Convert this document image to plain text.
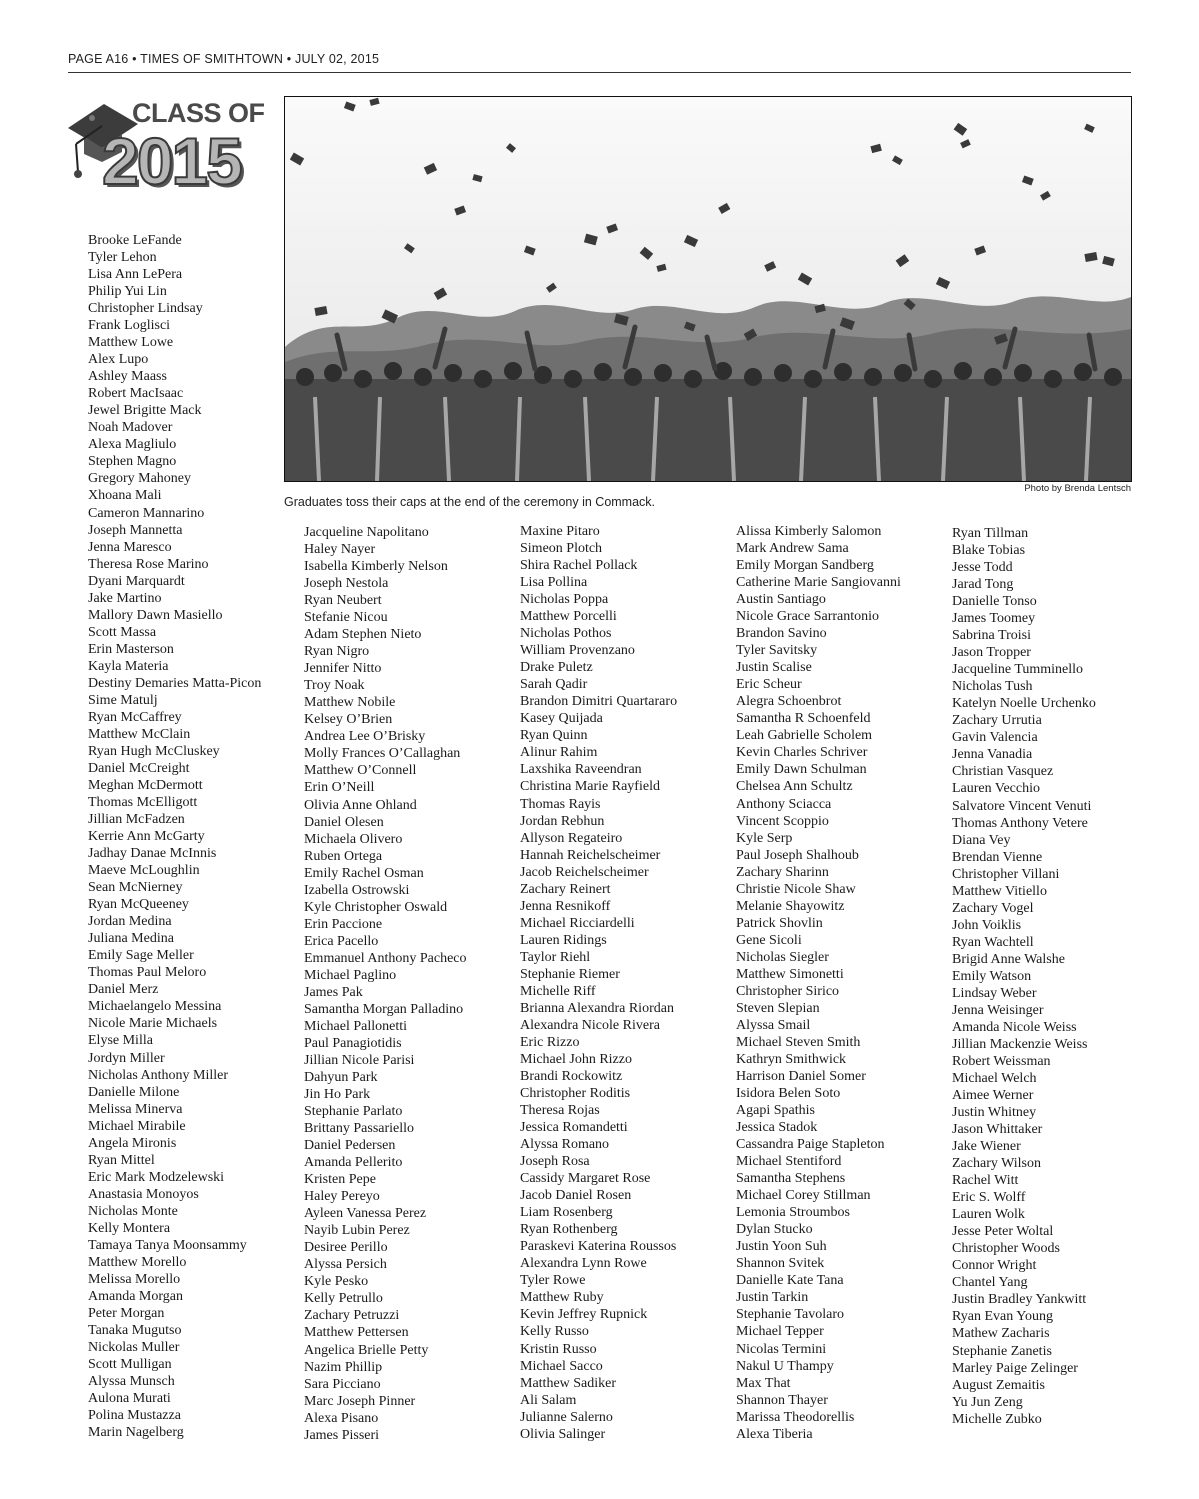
PAGE A16 • TIMES OF SMITHTOWN • JULY 02, 2015
CLASS OF
2015
Photo by Brenda Lentsch
Graduates toss their caps at the end of the ceremony in Commack.
Brooke LeFande
Tyler Lehon
Lisa Ann LePera
Philip Yui Lin
Christopher Lindsay
Frank Loglisci
Matthew Lowe
Alex Lupo
Ashley Maass
Robert MacIsaac
Jewel Brigitte Mack
Noah Madover
Alexa Magliulo
Stephen Magno
Gregory Mahoney
Xhoana Mali
Cameron Mannarino
Joseph Mannetta
Jenna Maresco
Theresa Rose Marino
Dyani Marquardt
Jake Martino
Mallory Dawn Masiello
Scott Massa
Erin Masterson
Kayla Materia
Destiny Demaries Matta-Picon
Sime Matulj
Ryan McCaffrey
Matthew McClain
Ryan Hugh McCluskey
Daniel McCreight
Meghan McDermott
Thomas McElligott
Jillian McFadzen
Kerrie Ann McGarty
Jadhay Danae McInnis
Maeve McLoughlin
Sean McNierney
Ryan McQueeney
Jordan Medina
Juliana Medina
Emily Sage Meller
Thomas Paul Meloro
Daniel Merz
Michaelangelo Messina
Nicole Marie Michaels
Elyse Milla
Jordyn Miller
Nicholas Anthony Miller
Danielle Milone
Melissa Minerva
Michael Mirabile
Angela Mironis
Ryan Mittel
Eric Mark Modzelewski
Anastasia Monoyos
Nicholas Monte
Kelly Montera
Tamaya Tanya Moonsammy
Matthew Morello
Melissa Morello
Amanda Morgan
Peter Morgan
Tanaka Mugutso
Nickolas Muller
Scott Mulligan
Alyssa Munsch
Aulona Murati
Polina Mustazza
Marin Nagelberg
Jacqueline Napolitano
Haley Nayer
Isabella Kimberly Nelson
Joseph Nestola
Ryan Neubert
Stefanie Nicou
Adam Stephen Nieto
Ryan Nigro
Jennifer Nitto
Troy Noak
Matthew Nobile
Kelsey O’Brien
Andrea Lee O’Brisky
Molly Frances O’Callaghan
Matthew O’Connell
Erin O’Neill
Olivia Anne Ohland
Daniel Olesen
Michaela Olivero
Ruben Ortega
Emily Rachel Osman
Izabella Ostrowski
Kyle Christopher Oswald
Erin Paccione
Erica Pacello
Emmanuel Anthony Pacheco
Michael Paglino
James Pak
Samantha Morgan Palladino
Michael Pallonetti
Paul Panagiotidis
Jillian Nicole Parisi
Dahyun Park
Jin Ho Park
Stephanie Parlato
Brittany Passariello
Daniel Pedersen
Amanda Pellerito
Kristen Pepe
Haley Pereyo
Ayleen Vanessa Perez
Nayib Lubin Perez
Desiree Perillo
Alyssa Persich
Kyle Pesko
Kelly Petrullo
Zachary Petruzzi
Matthew Pettersen
Angelica Brielle Petty
Nazim Phillip
Sara Picciano
Marc Joseph Pinner
Alexa Pisano
James Pisseri
Maxine Pitaro
Simeon Plotch
Shira Rachel Pollack
Lisa Pollina
Nicholas Poppa
Matthew Porcelli
Nicholas Pothos
William Provenzano
Drake Puletz
Sarah Qadir
Brandon Dimitri Quartararo
Kasey Quijada
Ryan Quinn
Alinur Rahim
Laxshika Raveendran
Christina Marie Rayfield
Thomas Rayis
Jordan Rebhun
Allyson Regateiro
Hannah Reichelscheimer
Jacob Reichelscheimer
Zachary Reinert
Jenna Resnikoff
Michael Ricciardelli
Lauren Ridings
Taylor Riehl
Stephanie Riemer
Michelle Riff
Brianna Alexandra Riordan
Alexandra Nicole Rivera
Eric Rizzo
Michael John Rizzo
Brandi Rockowitz
Christopher Roditis
Theresa Rojas
Jessica Romandetti
Alyssa Romano
Joseph Rosa
Cassidy Margaret Rose
Jacob Daniel Rosen
Liam Rosenberg
Ryan Rothenberg
Paraskevi Katerina Roussos
Alexandra Lynn Rowe
Tyler Rowe
Matthew Ruby
Kevin Jeffrey Rupnick
Kelly Russo
Kristin Russo
Michael Sacco
Matthew Sadiker
Ali Salam
Julianne Salerno
Olivia Salinger
Alissa Kimberly Salomon
Mark Andrew Sama
Emily Morgan Sandberg
Catherine Marie Sangiovanni
Austin Santiago
Nicole Grace Sarrantonio
Brandon Savino
Tyler Savitsky
Justin Scalise
Eric Scheur
Alegra Schoenbrot
Samantha R Schoenfeld
Leah Gabrielle Scholem
Kevin Charles Schriver
Emily Dawn Schulman
Chelsea Ann Schultz
Anthony Sciacca
Vincent Scoppio
Kyle Serp
Paul Joseph Shalhoub
Zachary Sharinn
Christie Nicole Shaw
Melanie Shayowitz
Patrick Shovlin
Gene Sicoli
Nicholas Siegler
Matthew Simonetti
Christopher Sirico
Steven Slepian
Alyssa Smail
Michael Steven Smith
Kathryn Smithwick
Harrison Daniel Somer
Isidora Belen Soto
Agapi Spathis
Jessica Stadok
Cassandra Paige Stapleton
Michael Stentiford
Samantha Stephens
Michael Corey Stillman
Lemonia Stroumbos
Dylan Stucko
Justin Yoon Suh
Shannon Svitek
Danielle Kate Tana
Justin Tarkin
Stephanie Tavolaro
Michael Tepper
Nicolas Termini
Nakul U Thampy
Max That
Shannon Thayer
Marissa Theodorellis
Alexa Tiberia
Ryan Tillman
Blake Tobias
Jesse Todd
Jarad Tong
Danielle Tonso
James Toomey
Sabrina Troisi
Jason Tropper
Jacqueline Tumminello
Nicholas Tush
Katelyn Noelle Urchenko
Zachary Urrutia
Gavin Valencia
Jenna Vanadia
Christian Vasquez
Lauren Vecchio
Salvatore Vincent Venuti
Thomas Anthony Vetere
Diana Vey
Brendan Vienne
Christopher Villani
Matthew Vitiello
Zachary Vogel
John Voiklis
Ryan Wachtell
Brigid Anne Walshe
Emily Watson
Lindsay Weber
Jenna Weisinger
Amanda Nicole Weiss
Jillian Mackenzie Weiss
Robert Weissman
Michael Welch
Aimee Werner
Justin Whitney
Jason Whittaker
Jake Wiener
Zachary Wilson
Rachel Witt
Eric S. Wolff
Lauren Wolk
Jesse Peter Woltal
Christopher Woods
Connor Wright
Chantel Yang
Justin Bradley Yankwitt
Ryan Evan Young
Mathew Zacharis
Stephanie Zanetis
Marley Paige Zelinger
August Zemaitis
Yu Jun Zeng
Michelle Zubko
